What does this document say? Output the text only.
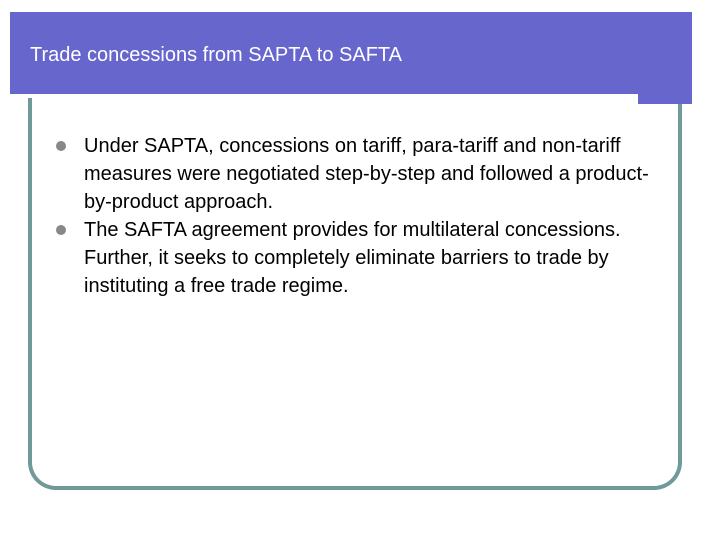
Trade concessions from SAPTA to SAFTA
Under SAPTA, concessions on tariff, para-tariff and non-tariff measures were negotiated step-by-step and followed a product-by-product approach.
The SAFTA agreement provides for multilateral concessions. Further, it seeks to completely eliminate barriers to trade by instituting a free trade regime.
